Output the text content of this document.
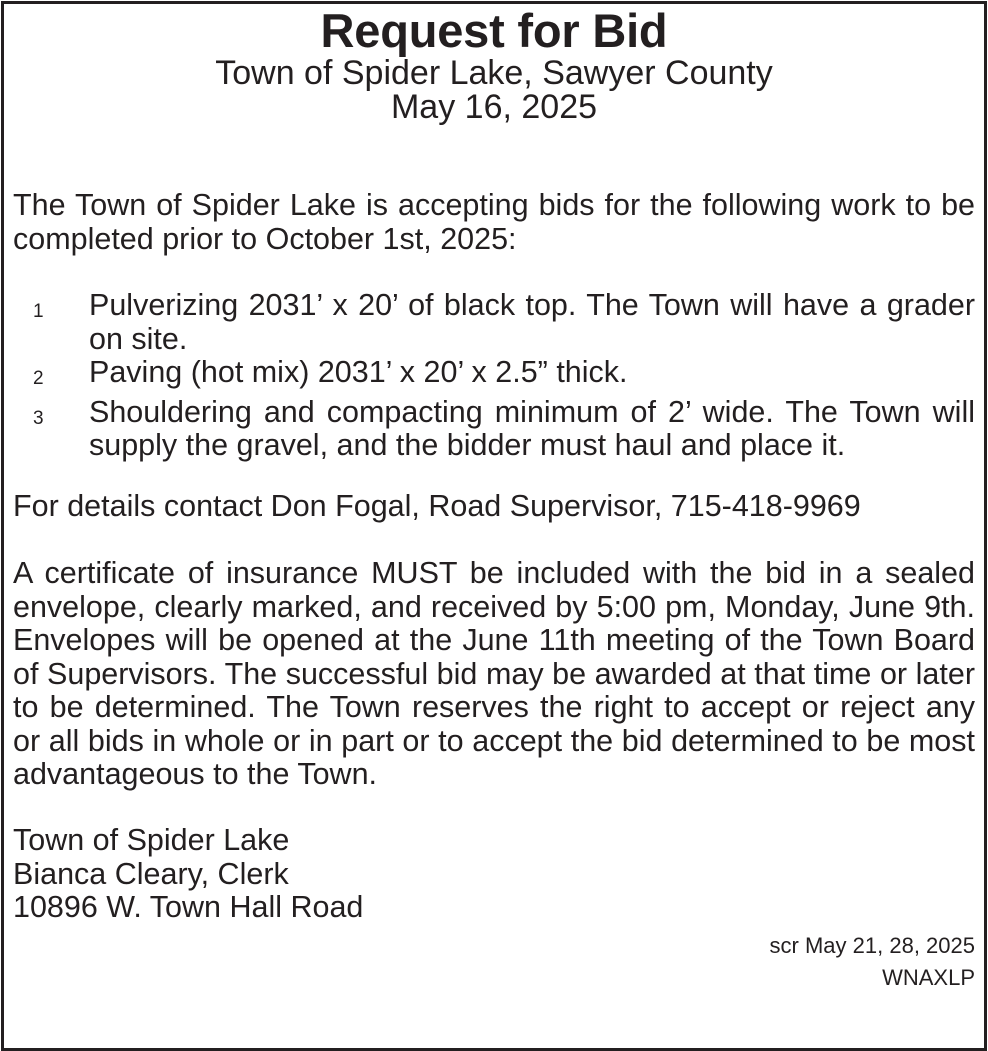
Request for Bid

Town of Spider Lake, Sawyer County

May 16, 2025

The Town of Spider Lake is accepting bids for the following work to be completed prior to October 1st, 2025:

1	Pulverizing 2031’ x 20’ of black top. The Town will have a grader on site.
2	Paving (hot mix) 2031’ x 20’ x 2.5” thick.
3	Shouldering and compacting minimum of 2’ wide. The Town will supply the gravel, and the bidder must haul and place it.

For details contact Don Fogal, Road Supervisor, 715-418-9969

A certificate of insurance MUST be included with the bid in a sealed envelope, clearly marked, and received by 5:00 pm, Monday, June 9th. Envelopes will be opened at the June 11th meeting of the Town Board of Supervisors. The successful bid may be awarded at that time or later to be determined. The Town reserves the right to accept or reject any or all bids in whole or in part or to accept the bid determined to be most advantageous to the Town.

Town of Spider Lake
Bianca Cleary, Clerk
10896 W. Town Hall Road
scr May 21, 28, 2025
WNAXLP
